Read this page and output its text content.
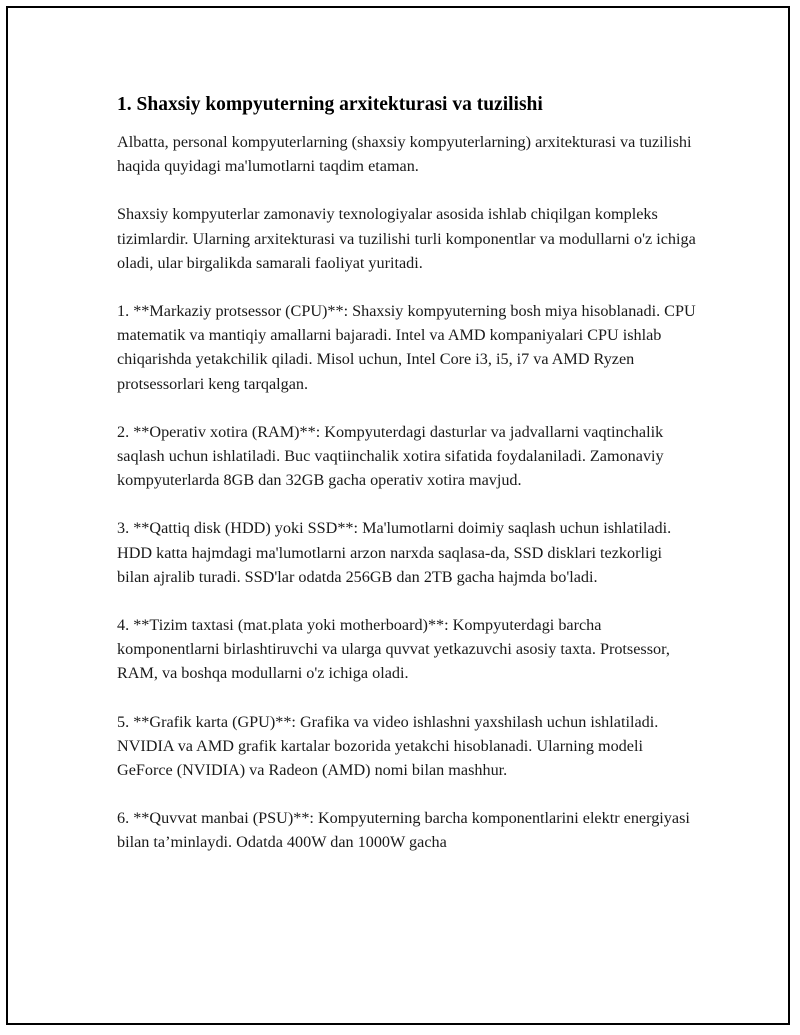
1. Shaxsiy kompyuterning arxitekturasi va tuzilishi

Albatta, personal kompyuterlarning (shaxsiy kompyuterlarning) arxitekturasi va tuzilishi haqida quyidagi ma'lumotlarni taqdim etaman.

Shaxsiy kompyuterlar zamonaviy texnologiyalar asosida ishlab chiqilgan kompleks tizimlardir. Ularning arxitekturasi va tuzilishi turli komponentlar va modullarni o'z ichiga oladi, ular birgalikda samarali faoliyat yuritadi.

1. **Markaziy protsessor (CPU)**: Shaxsiy kompyuterning bosh miya hisoblanadi. CPU matematik va mantiqiy amallarni bajaradi. Intel va AMD kompaniyalari CPU ishlab chiqarishda yetakchilik qiladi. Misol uchun, Intel Core i3, i5, i7 va AMD Ryzen protsessorlari keng tarqalgan.

2. **Operativ xotira (RAM)**: Kompyuterdagi dasturlar va jadvallarni vaqtinchalik saqlash uchun ishlatiladi. Buc vaqtiinchalik xotira sifatida foydalaniladi. Zamonaviy kompyuterlarda 8GB dan 32GB gacha operativ xotira mavjud.

3. **Qattiq disk (HDD) yoki SSD**: Ma'lumotlarni doimiy saqlash uchun ishlatiladi. HDD katta hajmdagi ma'lumotlarni arzon narxda saqlasa-da, SSD disklari tezkorligi bilan ajralib turadi. SSD'lar odatda 256GB dan 2TB gacha hajmda bo'ladi.

4. **Tizim taxtasi (mat.plata yoki motherboard)**: Kompyuterdagi barcha komponentlarni birlashtiruvchi va ularga quvvat yetkazuvchi asosiy taxta. Protsessor, RAM, va boshqa modullarni o'z ichiga oladi.

5. **Grafik karta (GPU)**: Grafika va video ishlashni yaxshilash uchun ishlatiladi. NVIDIA va AMD grafik kartalar bozorida yetakchi hisoblanadi. Ularning modeli GeForce (NVIDIA) va Radeon (AMD) nomi bilan mashhur.

6. **Quvvat manbai (PSU)**: Kompyuterning barcha komponentlarini elektr energiyasi bilan ta’minlaydi. Odatda 400W dan 1000W gacha
